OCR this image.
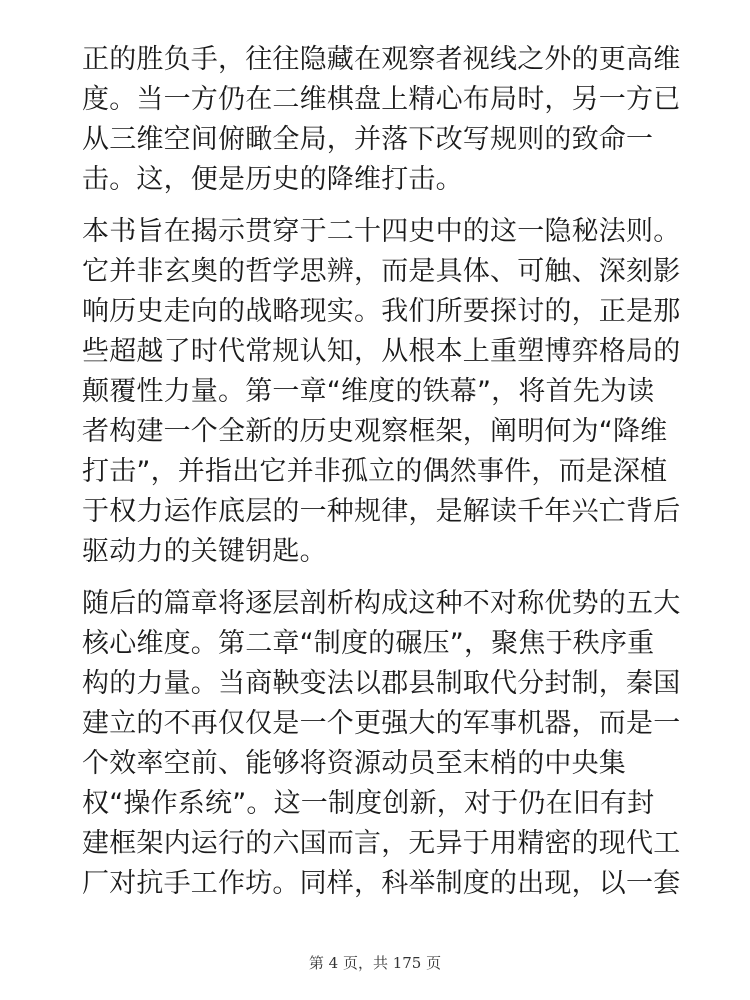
正的胜负手，往往隐藏在观察者视线之外的更高维
度。当一方仍在二维棋盘上精心布局时，另一方已
从三维空间俯瞰全局，并落下改写规则的致命一
击。这，便是历史的降维打击。
本书旨在揭示贯穿于二十四史中的这一隐秘法则。
它并非玄奥的哲学思辨，而是具体、可触、深刻影
响历史走向的战略现实。我们所要探讨的，正是那
些超越了时代常规认知，从根本上重塑博弈格局的
颠覆性力量。第一章“维度的铁幕”，将首先为读
者构建一个全新的历史观察框架，阐明何为“降维
打击”，并指出它并非孤立的偶然事件，而是深植
于权力运作底层的一种规律，是解读千年兴亡背后
驱动力的关键钥匙。
随后的篇章将逐层剖析构成这种不对称优势的五大
核心维度。第二章“制度的碾压”，聚焦于秩序重
构的力量。当商鞅变法以郡县制取代分封制，秦国
建立的不再仅仅是一个更强大的军事机器，而是一
个效率空前、能够将资源动员至末梢的中央集
权“操作系统”。这一制度创新，对于仍在旧有封
建框架内运行的六国而言，无异于用精密的现代工
厂对抗手工作坊。同样，科举制度的出现，以一套
第 4 页，共 175 页
